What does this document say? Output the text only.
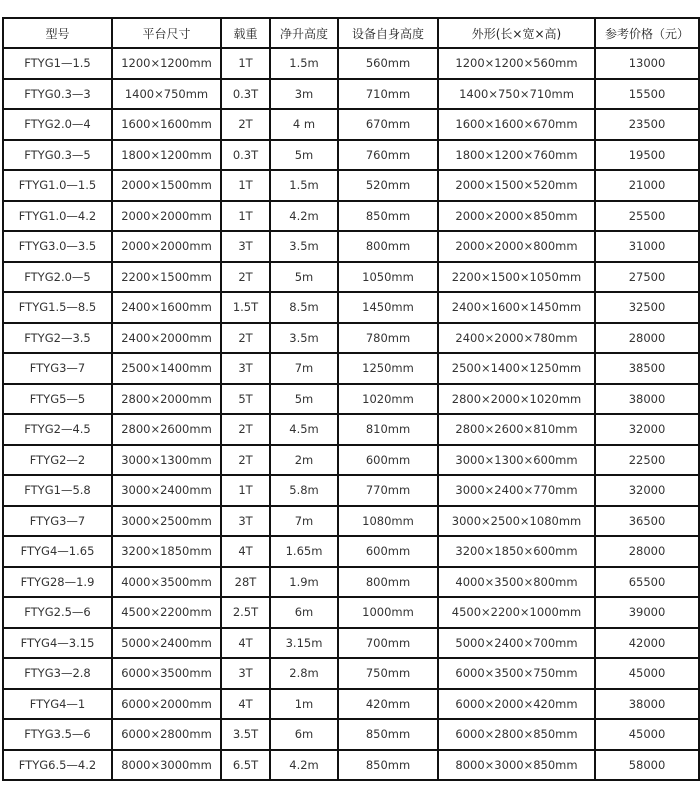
型号	平台尺寸	载重	净升高度	设备自身高度	外形(长×宽×高)	参考价格（元）
FTYG1—1.5	1200×1200mm	1T	1.5m	560mm	1200×1200×560mm	13000
FTYG0.3—3	1400×750mm	0.3T	3m	710mm	1400×750×710mm	15500
FTYG2.0—4	1600×1600mm	2T	4 m	670mm	1600×1600×670mm	23500
FTYG0.3—5	1800×1200mm	0.3T	5m	760mm	1800×1200×760mm	19500
FTYG1.0—1.5	2000×1500mm	1T	1.5m	520mm	2000×1500×520mm	21000
FTYG1.0—4.2	2000×2000mm	1T	4.2m	850mm	2000×2000×850mm	25500
FTYG3.0—3.5	2000×2000mm	3T	3.5m	800mm	2000×2000×800mm	31000
FTYG2.0—5	2200×1500mm	2T	5m	1050mm	2200×1500×1050mm	27500
FTYG1.5—8.5	2400×1600mm	1.5T	8.5m	1450mm	2400×1600×1450mm	32500
FTYG2—3.5	2400×2000mm	2T	3.5m	780mm	2400×2000×780mm	28000
FTYG3—7	2500×1400mm	3T	7m	1250mm	2500×1400×1250mm	38500
FTYG5—5	2800×2000mm	5T	5m	1020mm	2800×2000×1020mm	38000
FTYG2—4.5	2800×2600mm	2T	4.5m	810mm	2800×2600×810mm	32000
FTYG2—2	3000×1300mm	2T	2m	600mm	3000×1300×600mm	22500
FTYG1—5.8	3000×2400mm	1T	5.8m	770mm	3000×2400×770mm	32000
FTYG3—7	3000×2500mm	3T	7m	1080mm	3000×2500×1080mm	36500
FTYG4—1.65	3200×1850mm	4T	1.65m	600mm	3200×1850×600mm	28000
FTYG28—1.9	4000×3500mm	28T	1.9m	800mm	4000×3500×800mm	65500
FTYG2.5—6	4500×2200mm	2.5T	6m	1000mm	4500×2200×1000mm	39000
FTYG4—3.15	5000×2400mm	4T	3.15m	700mm	5000×2400×700mm	42000
FTYG3—2.8	6000×3500mm	3T	2.8m	750mm	6000×3500×750mm	45000
FTYG4—1	6000×2000mm	4T	1m	420mm	6000×2000×420mm	38000
FTYG3.5—6	6000×2800mm	3.5T	6m	850mm	6000×2800×850mm	45000
FTYG6.5—4.2	8000×3000mm	6.5T	4.2m	850mm	8000×3000×850mm	58000
